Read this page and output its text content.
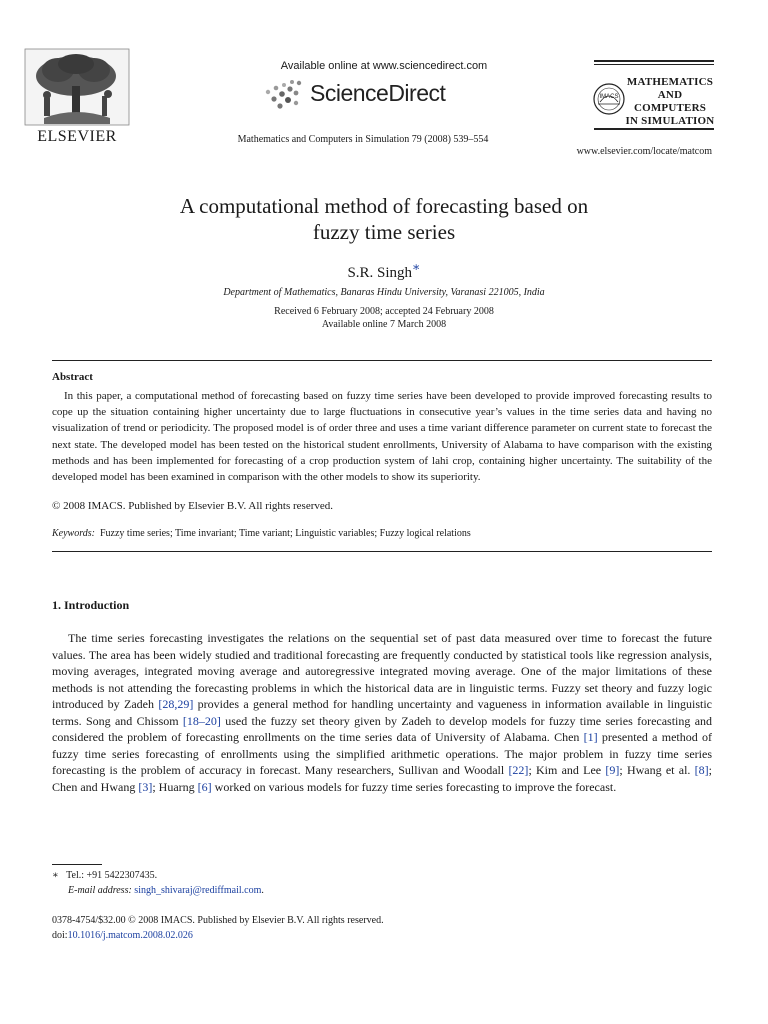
ELSEVIER
Available online at www.sciencedirect.com
ScienceDirect
Mathematics and Computers in Simulation 79 (2008) 539–554
IMACS
MATHEMATICS
AND
COMPUTERS
IN SIMULATION
www.elsevier.com/locate/matcom
A computational method of forecasting based on
fuzzy time series
S.R. Singh∗
Department of Mathematics, Banaras Hindu University, Varanasi 221005, India
Received 6 February 2008; accepted 24 February 2008
Available online 7 March 2008
Abstract
In this paper, a computational method of forecasting based on fuzzy time series have been developed to provide improved forecasting results to cope up the situation containing higher uncertainty due to large fluctuations in consecutive year’s values in the time series data and having no visualization of trend or periodicity. The proposed model is of order three and uses a time variant difference parameter on current state to forecast the next state. The developed model has been tested on the historical student enrollments, University of Alabama to have comparison with the existing methods and has been implemented for forecasting of a crop production system of lahi crop, containing higher uncertainty. The suitability of the developed model has been examined in comparison with the other models to show its superiority.
© 2008 IMACS. Published by Elsevier B.V. All rights reserved.
Keywords: Fuzzy time series; Time invariant; Time variant; Linguistic variables; Fuzzy logical relations
1. Introduction
The time series forecasting investigates the relations on the sequential set of past data measured over time to forecast the future values. The area has been widely studied and traditional forecasting are frequently conducted by statistical tools like regression analysis, moving averages, integrated moving average and autoregressive integrated moving average. One of the major limitations of these methods is not attending the forecasting problems in which the historical data are in linguistic terms. Fuzzy set theory and fuzzy logic introduced by Zadeh [28,29] provides a general method for handling uncertainty and vagueness in information available in linguistic terms. Song and Chissom [18–20] used the fuzzy set theory given by Zadeh to develop models for fuzzy time series forecasting and considered the problem of forecasting enrollments on the time series data of University of Alabama. Chen [1] presented a method of fuzzy time series forecasting of enrollments using the simplified arithmetic operations. The major problem in fuzzy time series forecasting is the problem of accuracy in forecast. Many researchers, Sullivan and Woodall [22]; Kim and Lee [9]; Hwang et al. [8]; Chen and Hwang [3]; Huarng [6] worked on various models for fuzzy time series forecasting to improve the forecast.
∗ Tel.: +91 5422307435.
E-mail address: singh_shivaraj@rediffmail.com.
0378-4754/$32.00 © 2008 IMACS. Published by Elsevier B.V. All rights reserved.
doi:10.1016/j.matcom.2008.02.026
